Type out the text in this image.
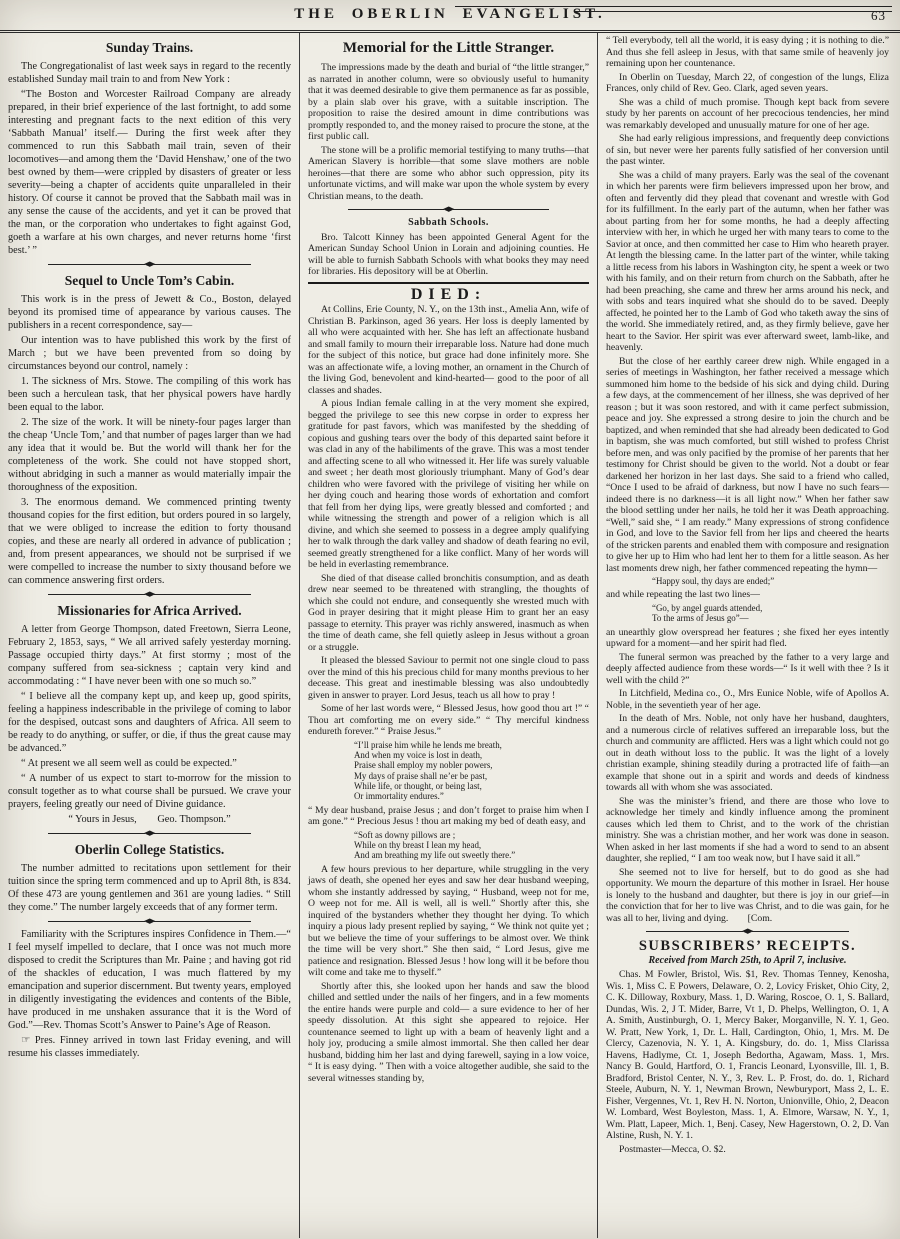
THE OBERLIN EVANGELIST.	63
Sunday Trains.
The Congregationalist of last week says in regard to the recently established Sunday mail train to and from New York :
“The Boston and Worcester Railroad Company are already prepared, in their brief experience of the last fortnight, to add some interesting and pregnant facts to the next edition of this very ‘Sabbath Manual’ itself.— During the first week after they commenced to run this Sabbath mail train, seven of their locomotives—and among them the ‘David Henshaw,’ one of the two best owned by them—were crippled by disasters of greater or less severity—being a chapter of accidents quite unparalleled in their history. Of course it cannot be proved that the Sabbath mail was in any sense the cause of the accidents, and yet it can be proved that the man, or the corporation who undertakes to fight against God, goeth a warfare at his own charges, and never returns home ‘first best.’ ”
◆
Sequel to Uncle Tom’s Cabin.
This work is in the press of Jewett & Co., Boston, delayed beyond its promised time of appearance by various causes. The publishers in a recent correspondence, say—
Our intention was to have published this work by the first of March ; but we have been prevented from so doing by circumstances beyond our control, namely :
1. The sickness of Mrs. Stowe. The compiling of this work has been such a herculean task, that her physical powers have hardly been equal to the labor.
2. The size of the work. It will be ninety-four pages larger than the cheap ‘Uncle Tom,’ and that number of pages larger than we had any idea that it would be. But the world will thank her for the completeness of the work. She could not have stopped short, without abridging in such a manner as would materially impair the thoroughness of the exposition.
3. The enormous demand. We commenced printing twenty thousand copies for the first edition, but orders poured in so largely, that we were obliged to increase the edition to forty thousand copies, and these are nearly all ordered in advance of publication ; and, from present appearances, we should not be surprised if we were compelled to increase the number to sixty thousand before we can commence answering first orders.
◆
Missionaries for Africa Arrived.
A letter from George Thompson, dated Freetown, Sierra Leone, February 2, 1853, says, “ We all arrived safely yesterday morning. Passage occupied thirty days.” At first stormy ; most of the company suffered from sea-sickness ; captain very kind and accommodating : “ I have never been with one so much so.”
“ I believe all the company kept up, and keep up, good spirits, feeling a happiness indescribable in the privilege of coming to labor for the despised, outcast sons and daughters of Africa. All seem to be ready to do anything, or suffer, or die, if thus the great cause may be advanced.”
“ At present we all seem well as could be expected.”
“ A number of us expect to start to-morrow for the mission to consult together as to what course shall be pursued. We crave your prayers, feeling greatly our need of Divine guidance.
“ Yours in Jesus,  Geo. Thompson.”
◆
Oberlin College Statistics.
The number admitted to recitations upon settlement for their tuition since the spring term commenced and up to April 8th, is 834. Of these 473 are young gentlemen and 361 are young ladies. “ Still they come.” The number largely exceeds that of any former term.
◆
Familiarity with the Scriptures inspires Confidence in Them.—“ I feel myself impelled to declare, that I once was not much more disposed to credit the Scriptures than Mr. Paine ; and having got rid of the shackles of education, I was much flattered by my emancipation and superior discernment. But twenty years, employed in diligently investigating the evidences and contents of the Bible, have produced in me unshaken assurance that it is the Word of God.”—Rev. Thomas Scott’s Answer to Paine’s Age of Reason.
☞ Pres. Finney arrived in town last Friday evening, and will resume his classes immediately.
Memorial for the Little Stranger.
The impressions made by the death and burial of “the little stranger,” as narrated in another column, were so obviously useful to humanity that it was deemed desirable to give them permanence as far as possible, by a plain slab over his grave, with a suitable inscription. The proposition to raise the desired amount in dime contributions was promptly responded to, and the money raised to procure the stone, at the first public call.
The stone will be a prolific memorial testifying to many truths—that American Slavery is horrible—that some slave mothers are noble heroines—that there are some who abhor such oppression, pity its unfortunate victims, and will make war upon the whole system by every Christian means, to the death.
◆
Sabbath Schools.
Bro. Talcott Kinney has been appointed General Agent for the American Sunday School Union in Lorain and adjoining counties. He will be able to furnish Sabbath Schools with what books they may need for libraries. His depository will be at Oberlin.
DIED:
At Collins, Erie County, N. Y., on the 13th inst., Amelia Ann, wife of Christian B. Parkinson, aged 36 years. Her loss is deeply lamented by all who were acquainted with her. She has left an affectionate husband and small family to mourn their irreparable loss. Nature had done much for the subject of this notice, but grace had done infinitely more. She was an affectionate wife, a loving mother, an ornament in the Church of the living God, benevolent and kind-hearted— good to the poor of all classes and shades.
A pious Indian female calling in at the very moment she expired, begged the privilege to see this new corpse in order to express her gratitude for past favors, which was manifested by the shedding of copious and gushing tears over the body of this departed saint before it was clad in any of the habiliments of the grave. This was a most tender and affecting scene to all who witnessed it. Her life was surely valuable and sweet ; her death most gloriously triumphant. Many of God’s dear children who were favored with the privilege of visiting her while on her dying couch and hearing those words of exhortation and comfort that fell from her dying lips, were greatly blessed and comforted ; and while witnessing the strength and power of a religion which is all divine, and which she seemed to possess in a degree amply qualifying her to walk through the dark valley and shadow of death fearing no evil, seemed greatly strengthened for a like conflict. Many of her words will be held in everlasting remembrance.
She died of that disease called bronchitis consumption, and as death drew near seemed to be threatened with strangling, the thoughts of which she could not endure, and consequently she wrested much with God in prayer desiring that it might please Him to grant her an easy passage to eternity. This prayer was richly answered, inasmuch as when the time of death came, she fell quietly asleep in Jesus without a groan or a struggle.
It pleased the blessed Saviour to permit not one single cloud to pass over the mind of this his precious child for many months previous to her decease. This great and inestimable blessing was also undoubtedly given in answer to prayer. Lord Jesus, teach us all how to pray !
Some of her last words were, “ Blessed Jesus, how good thou art !” “ Thou art comforting me on every side.” “ Thy merciful kindness endureth forever.” “ Praise Jesus.”
“I’ll praise him while he lends me breath,
And when my voice is lost in death,
Praise shall employ my nobler powers,
My days of praise shall ne’er be past,
While life, or thought, or being last,
Or immortality endures.”
“ My dear husband, praise Jesus ; and don’t forget to praise him when I am gone.” “ Precious Jesus ! thou art making my bed of death easy, and
“Soft as downy pillows are ;
While on thy breast I lean my head,
And am breathing my life out sweetly there.”
A few hours previous to her departure, while struggling in the very jaws of death, she opened her eyes and saw her dear husband weeping, whom she instantly addressed by saying, “ Husband, weep not for me, O weep not for me. All is well, all is well.” Shortly after this, she inquired of the bystanders whether they thought her dying. To which inquiry a pious lady present replied by saying, “ We think not quite yet ; but we believe the time of your sufferings to be almost over. We think the time will be very short.” She then said, “ Lord Jesus, give me patience and resignation. Blessed Jesus ! how long will it be before thou wilt come and take me to thyself.”
Shortly after this, she looked upon her hands and saw the blood chilled and settled under the nails of her fingers, and in a few moments the entire hands were purple and cold— a sure evidence to her of her speedy dissolution. At this sight she appeared to rejoice. Her countenance seemed to light up with a beam of heavenly light and a holy joy, producing a smile almost immortal. She then called her dear husband, bidding him her last and dying farewell, saying in a low voice, “ It is easy dying. ” Then with a voice altogether audible, she said to the several witnesses standing by,
“ Tell everybody, tell all the world, it is easy dying ; it is nothing to die.” And thus she fell asleep in Jesus, with that same smile of heavenly joy remaining upon her countenance.
In Oberlin on Tuesday, March 22, of congestion of the lungs, Eliza Frances, only child of Rev. Geo. Clark, aged seven years.
She was a child of much promise. Though kept back from severe study by her parents on account of her precocious tendencies, her mind was remarkably developed and unusually mature for one of her age.
She had early religious impressions, and frequently deep convictions of sin, but never were her parents fully satisfied of her conversion until the past winter.
She was a child of many prayers. Early was the seal of the covenant in which her parents were firm believers impressed upon her brow, and often and fervently did they plead that covenant and wrestle with God for its fulfillment. In the early part of the autumn, when her father was about parting from her for some months, he had a deeply affecting interview with her, in which he urged her with many tears to come to the Savior at once, and then committed her case to Him who heareth prayer. At length the blessing came. In the latter part of the winter, while taking a little recess from his labors in Washington city, he spent a week or two with his family, and on their return from church on the Sabbath, after he had been preaching, she came and threw her arms around his neck, and with sobs and tears inquired what she should do to be saved. Deeply affected, he pointed her to the Lamb of God who taketh away the sins of the world. She immediately retired, and, as they firmly believe, gave her heart to the Savior. Her spirit was ever afterward sweet, lamb-like, and heavenly.
But the close of her earthly career drew nigh. While engaged in a series of meetings in Washington, her father received a message which summoned him home to the bedside of his sick and dying child. During a few days, at the commencement of her illness, she was deprived of her reason ; but it was soon restored, and with it came perfect submission, peace and joy. She expressed a strong desire to join the church and be baptized, and when reminded that she had already been dedicated to God in baptism, she was much comforted, but still wished to profess Christ before men, and was only pacified by the promise of her parents that her testimony for Christ should be given to the world. Not a doubt or fear darkened her horizon in her last days. She said to a friend who called, “Once I used to be afraid of darkness, but now I have no such fears—indeed there is no darkness—it is all light now.” When her father saw the blood settling under her nails, he told her it was Death approaching. “Well,” said she, “ I am ready.” Many expressions of strong confidence in God, and love to the Savior fell from her lips and cheered the hearts of the stricken parents and enabled them with composure and resignation to give her up to Him who had lent her to them for a little season. As her last moments drew nigh, her father commenced repeating the hymn—
“Happy soul, thy days are ended;”
and while repeating the last two lines—
“Go, by angel guards attended,
To the arms of Jesus go”—
an unearthly glow overspread her features ; she fixed her eyes intently upward for a moment—and her spirit had fled.
The funeral sermon was preached by the father to a very large and deeply affected audience from these words—“ Is it well with thee ? Is it well with the child ?”
In Litchfield, Medina co., O., Mrs Eunice Noble, wife of Apollos A. Noble, in the seventieth year of her age.
In the death of Mrs. Noble, not only have her husband, daughters, and a numerous circle of relatives suffered an irreparable loss, but the church and community are afflicted. Hers was a light which could not go out in death without loss to the public. It was the light of a lovely christian example, shining steadily during a protracted life of faith—an example that shone out in a spirit and words and deeds of kindness towards all with whom she was associated.
She was the minister’s friend, and there are those who love to acknowledge her timely and kindly influence among the prominent causes which led them to Christ, and to the work of the christian ministry. She was a christian mother, and her work was done in season. When asked in her last moments if she had a word to send to an absent daughter, she replied, “ I am too weak now, but I have said it all.”
She seemed not to live for herself, but to do good as she had opportunity. We mourn the departure of this mother in Israel. Her house is lonely to the husband and daughter, but there is joy in our grief—in the conviction that for her to live was Christ, and to die was gain, for he was all to her, living and dying.  [Com.
◆
SUBSCRIBERS’ RECEIPTS.
Received from March 25th, to April 7, inclusive.
Chas. M Fowler, Bristol, Wis. $1, Rev. Thomas Tenney, Kenosha, Wis. 1, Miss C. E Powers, Delaware, O. 2, Lovicy Frisket, Ohio City, 2, C. K. Dilloway, Roxbury, Mass. 1, D. Waring, Roscoe, O. 1, S. Ballard, Dundas, Wis. 2, J T. Mider, Barre, Vt 1, D. Phelps, Wellington, O. 1, A A. Smith, Austinburgh, O. 1, Mercy Baker, Morganville, N. Y. 1, Geo. W. Pratt, New York, 1, Dr. L. Hall, Cardington, Ohio, 1, Mrs. M. De Clercy, Cazenovia, N. Y. 1, A. Kingsbury, do. do. 1, Miss Clarissa Havens, Hadlyme, Ct. 1, Joseph Bedortha, Agawam, Mass. 1, Mrs. Nancy B. Gould, Hartford, O. 1, Francis Leonard, Lyonsville, Ill. 1, B. Bradford, Bristol Center, N. Y., 3, Rev. L. P. Frost, do. do. 1, Richard Steele, Auburn, N. Y. 1, Newman Brown, Newburyport, Mass 2, L. E. Fisher, Vergennes, Vt. 1, Rev H. N. Norton, Unionville, Ohio, 2, Deacon W. Lombard, West Boyleston, Mass. 1, A. Elmore, Warsaw, N. Y., 1, Wm. Platt, Lapeer, Mich. 1, Benj. Casey, New Hagerstown, O. 2, D. Van Alstine, Rush, N. Y. 1.
Postmaster—Mecca, O. $2.
